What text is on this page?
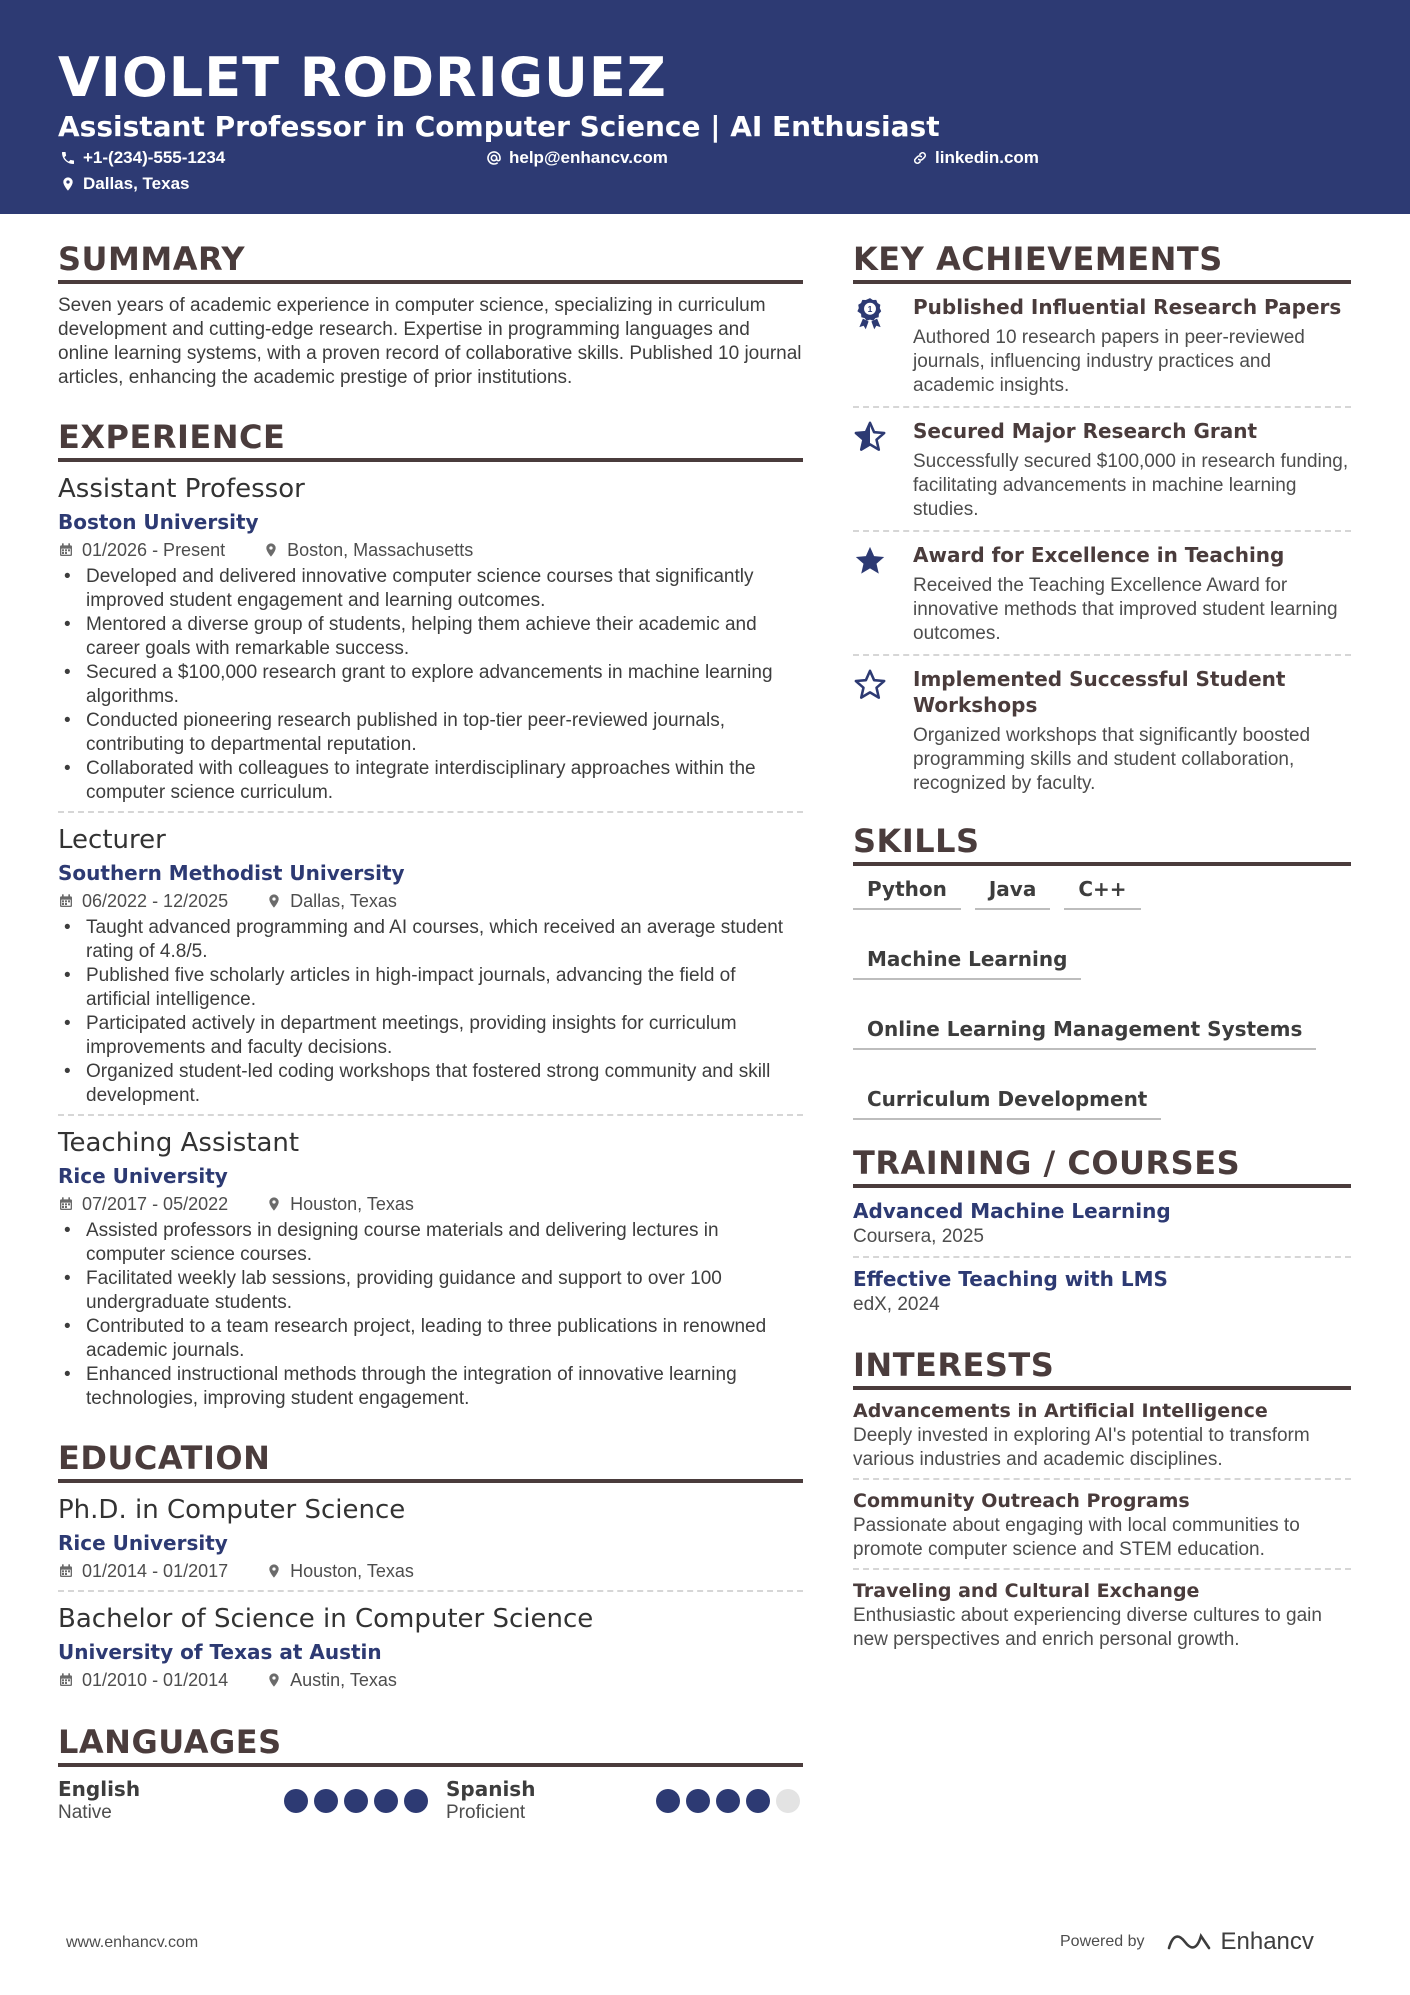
VIOLET RODRIGUEZ
Assistant Professor in Computer Science | AI Enthusiast
+1-(234)-555-1234	help@enhancv.com	linkedin.com
Dallas, Texas
SUMMARY

Seven years of academic experience in computer science, specializing in curriculum development and cutting-edge research. Expertise in programming languages and online learning systems, with a proven record of collaborative skills. Published 10 journal articles, enhancing the academic prestige of prior institutions.

EXPERIENCE
Assistant Professor
Boston University
01/2026 - Present	Boston, Massachusetts
• Developed and delivered innovative computer science courses that significantly improved student engagement and learning outcomes.
• Mentored a diverse group of students, helping them achieve their academic and career goals with remarkable success.
• Secured a $100,000 research grant to explore advancements in machine learning algorithms.
• Conducted pioneering research published in top-tier peer-reviewed journals, contributing to departmental reputation.
• Collaborated with colleagues to integrate interdisciplinary approaches within the computer science curriculum.
Lecturer
Southern Methodist University
06/2022 - 12/2025	Dallas, Texas
• Taught advanced programming and AI courses, which received an average student rating of 4.8/5.
• Published five scholarly articles in high-impact journals, advancing the field of artificial intelligence.
• Participated actively in department meetings, providing insights for curriculum improvements and faculty decisions.
• Organized student-led coding workshops that fostered strong community and skill development.
Teaching Assistant
Rice University
07/2017 - 05/2022	Houston, Texas
• Assisted professors in designing course materials and delivering lectures in computer science courses.
• Facilitated weekly lab sessions, providing guidance and support to over 100 undergraduate students.
• Contributed to a team research project, leading to three publications in renowned academic journals.
• Enhanced instructional methods through the integration of innovative learning technologies, improving student engagement.
EDUCATION
Ph.D. in Computer Science
Rice University
01/2014 - 01/2017	Houston, Texas
Bachelor of Science in Computer Science
University of Texas at Austin
01/2010 - 01/2014	Austin, Texas
LANGUAGES
English
Native
Spanish
Proficient
KEY ACHIEVEMENTS
1 Published Influential Research Papers
Authored 10 research papers in peer-reviewed journals, influencing industry practices and academic insights.
Secured Major Research Grant
Successfully secured $100,000 in research funding, facilitating advancements in machine learning studies.
Award for Excellence in Teaching
Received the Teaching Excellence Award for innovative methods that improved student learning outcomes.
Implemented Successful Student Workshops
Organized workshops that significantly boosted programming skills and student collaboration, recognized by faculty.
SKILLS
Python	Java	C++
Machine Learning
Online Learning Management Systems
Curriculum Development
TRAINING / COURSES
Advanced Machine Learning
Coursera, 2025
Effective Teaching with LMS
edX, 2024
INTERESTS
Advancements in Artificial Intelligence
Deeply invested in exploring AI's potential to transform various industries and academic disciplines.
Community Outreach Programs
Passionate about engaging with local communities to promote computer science and STEM education.
Traveling and Cultural Exchange
Enthusiastic about experiencing diverse cultures to gain new perspectives and enrich personal growth.
www.enhancv.com	Powered by	Enhancv
